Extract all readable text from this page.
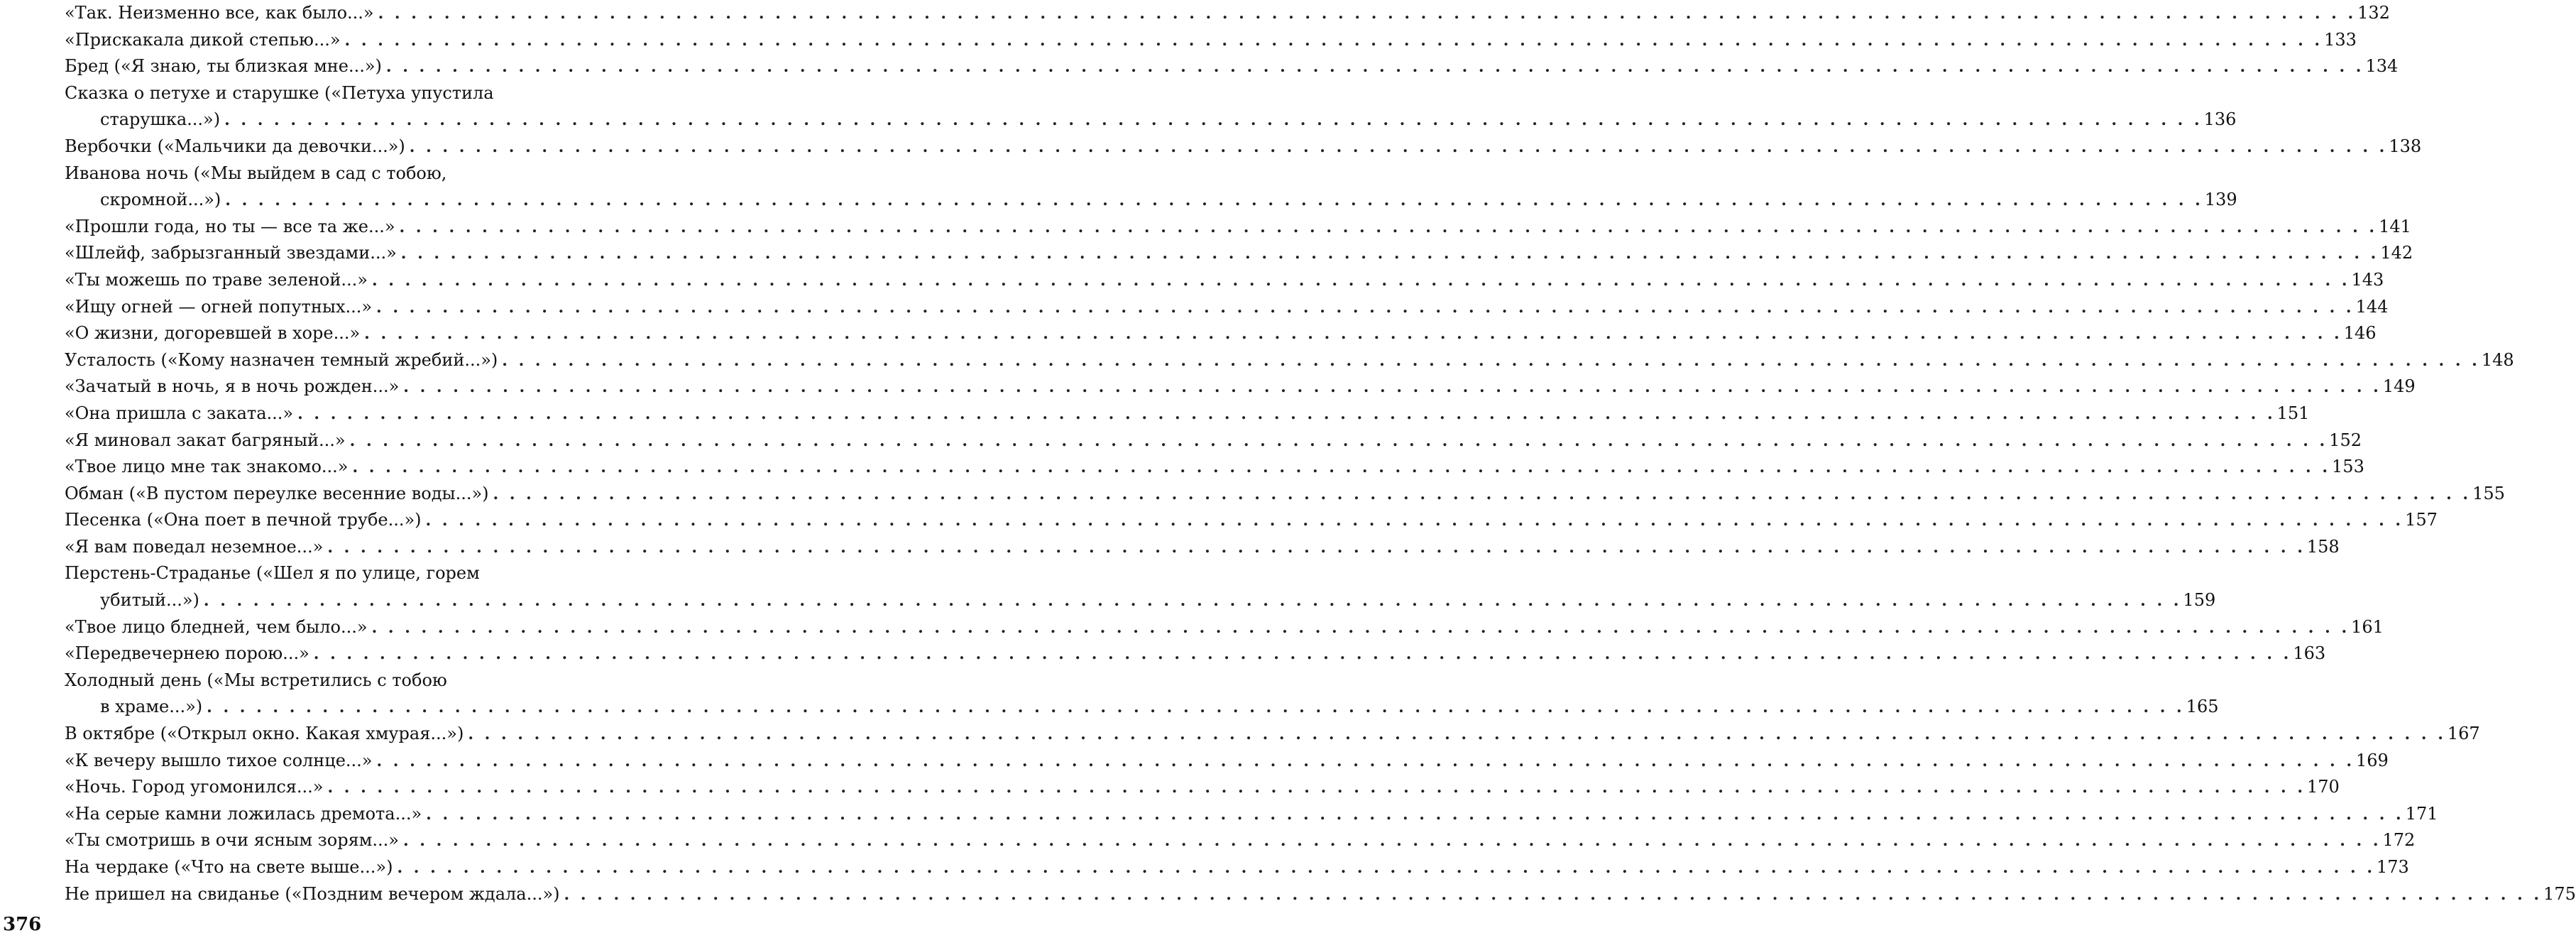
«Так. Неизменно все, как было...» . . . . . . . . . . . . . . . . . . . . . . . . . . . . . . . . . . . . . . . . . . . . . . . . . . . . . . . . . . . . . . . . . . . . . . . . . . . . . . . . . . . . . . . . . . . . . . . . . . . . . . . . . . . . . . . . . . . . . . . . 132
«Прискакала дикой степью...» . . . . . . . . . . . . . . . . . . . . . . . . . . . . . . . . . . . . . . . . . . . . . . . . . . . . . . . . . . . . . . . . . . . . . . . . . . . . . . . . . . . . . . . . . . . . . . . . . . . . . . . . . . . . . . . . . . . . . . . . 133
Бред («Я знаю, ты близкая мне...») . . . . . . . . . . . . . . . . . . . . . . . . . . . . . . . . . . . . . . . . . . . . . . . . . . . . . . . . . . . . . . . . . . . . . . . . . . . . . . . . . . . . . . . . . . . . . . . . . . . . . . . . . . . . . . . . . . . . . . . . 134
Сказка о петухе и старушке («Петуха упустила
старушка...») . . . . . . . . . . . . . . . . . . . . . . . . . . . . . . . . . . . . . . . . . . . . . . . . . . . . . . . . . . . . . . . . . . . . . . . . . . . . . . . . . . . . . . . . . . . . . . . . . . . . . . . . . . . . . . . . . . . . . . . . 136
Вербочки («Мальчики да девочки...») . . . . . . . . . . . . . . . . . . . . . . . . . . . . . . . . . . . . . . . . . . . . . . . . . . . . . . . . . . . . . . . . . . . . . . . . . . . . . . . . . . . . . . . . . . . . . . . . . . . . . . . . . . . . . . . . . . . . . . . . 138
Иванова ночь («Мы выйдем в сад с тобою,
скромной...») . . . . . . . . . . . . . . . . . . . . . . . . . . . . . . . . . . . . . . . . . . . . . . . . . . . . . . . . . . . . . . . . . . . . . . . . . . . . . . . . . . . . . . . . . . . . . . . . . . . . . . . . . . . . . . . . . . . . . . . . 139
«Прошли года, но ты — все та же...» . . . . . . . . . . . . . . . . . . . . . . . . . . . . . . . . . . . . . . . . . . . . . . . . . . . . . . . . . . . . . . . . . . . . . . . . . . . . . . . . . . . . . . . . . . . . . . . . . . . . . . . . . . . . . . . . . . . . . . . . 141
«Шлейф, забрызганный звездами...» . . . . . . . . . . . . . . . . . . . . . . . . . . . . . . . . . . . . . . . . . . . . . . . . . . . . . . . . . . . . . . . . . . . . . . . . . . . . . . . . . . . . . . . . . . . . . . . . . . . . . . . . . . . . . . . . . . . . . . . . 142
«Ты можешь по траве зеленой...» . . . . . . . . . . . . . . . . . . . . . . . . . . . . . . . . . . . . . . . . . . . . . . . . . . . . . . . . . . . . . . . . . . . . . . . . . . . . . . . . . . . . . . . . . . . . . . . . . . . . . . . . . . . . . . . . . . . . . . . . 143
«Ищу огней — огней попутных...» . . . . . . . . . . . . . . . . . . . . . . . . . . . . . . . . . . . . . . . . . . . . . . . . . . . . . . . . . . . . . . . . . . . . . . . . . . . . . . . . . . . . . . . . . . . . . . . . . . . . . . . . . . . . . . . . . . . . . . . . 144
«О жизни, догоревшей в хоре...» . . . . . . . . . . . . . . . . . . . . . . . . . . . . . . . . . . . . . . . . . . . . . . . . . . . . . . . . . . . . . . . . . . . . . . . . . . . . . . . . . . . . . . . . . . . . . . . . . . . . . . . . . . . . . . . . . . . . . . . . 146
Усталость («Кому назначен темный жребий...») . . . . . . . . . . . . . . . . . . . . . . . . . . . . . . . . . . . . . . . . . . . . . . . . . . . . . . . . . . . . . . . . . . . . . . . . . . . . . . . . . . . . . . . . . . . . . . . . . . . . . . . . . . . . . . . . . . . . . . . . 148
«Зачатый в ночь, я в ночь рожден...» . . . . . . . . . . . . . . . . . . . . . . . . . . . . . . . . . . . . . . . . . . . . . . . . . . . . . . . . . . . . . . . . . . . . . . . . . . . . . . . . . . . . . . . . . . . . . . . . . . . . . . . . . . . . . . . . . . . . . . . . 149
«Она пришла с заката...» . . . . . . . . . . . . . . . . . . . . . . . . . . . . . . . . . . . . . . . . . . . . . . . . . . . . . . . . . . . . . . . . . . . . . . . . . . . . . . . . . . . . . . . . . . . . . . . . . . . . . . . . . . . . . . . . . . . . . . . . 151
«Я миновал закат багряный...» . . . . . . . . . . . . . . . . . . . . . . . . . . . . . . . . . . . . . . . . . . . . . . . . . . . . . . . . . . . . . . . . . . . . . . . . . . . . . . . . . . . . . . . . . . . . . . . . . . . . . . . . . . . . . . . . . . . . . . . . 152
«Твое лицо мне так знакомо...» . . . . . . . . . . . . . . . . . . . . . . . . . . . . . . . . . . . . . . . . . . . . . . . . . . . . . . . . . . . . . . . . . . . . . . . . . . . . . . . . . . . . . . . . . . . . . . . . . . . . . . . . . . . . . . . . . . . . . . . . 153
Обман («В пустом переулке весенние воды...») . . . . . . . . . . . . . . . . . . . . . . . . . . . . . . . . . . . . . . . . . . . . . . . . . . . . . . . . . . . . . . . . . . . . . . . . . . . . . . . . . . . . . . . . . . . . . . . . . . . . . . . . . . . . . . . . . . . . . . . . 155
Песенка («Она поет в печной трубе...») . . . . . . . . . . . . . . . . . . . . . . . . . . . . . . . . . . . . . . . . . . . . . . . . . . . . . . . . . . . . . . . . . . . . . . . . . . . . . . . . . . . . . . . . . . . . . . . . . . . . . . . . . . . . . . . . . . . . . . . . 157
«Я вам поведал неземное...» . . . . . . . . . . . . . . . . . . . . . . . . . . . . . . . . . . . . . . . . . . . . . . . . . . . . . . . . . . . . . . . . . . . . . . . . . . . . . . . . . . . . . . . . . . . . . . . . . . . . . . . . . . . . . . . . . . . . . . . . 158
Перстень-Страданье («Шел я по улице, горем
убитый...») . . . . . . . . . . . . . . . . . . . . . . . . . . . . . . . . . . . . . . . . . . . . . . . . . . . . . . . . . . . . . . . . . . . . . . . . . . . . . . . . . . . . . . . . . . . . . . . . . . . . . . . . . . . . . . . . . . . . . . . . 159
«Твое лицо бледней, чем было...» . . . . . . . . . . . . . . . . . . . . . . . . . . . . . . . . . . . . . . . . . . . . . . . . . . . . . . . . . . . . . . . . . . . . . . . . . . . . . . . . . . . . . . . . . . . . . . . . . . . . . . . . . . . . . . . . . . . . . . . . 161
«Передвечернею порою...» . . . . . . . . . . . . . . . . . . . . . . . . . . . . . . . . . . . . . . . . . . . . . . . . . . . . . . . . . . . . . . . . . . . . . . . . . . . . . . . . . . . . . . . . . . . . . . . . . . . . . . . . . . . . . . . . . . . . . . . . 163
Холодный день («Мы встретились с тобою
в храме...») . . . . . . . . . . . . . . . . . . . . . . . . . . . . . . . . . . . . . . . . . . . . . . . . . . . . . . . . . . . . . . . . . . . . . . . . . . . . . . . . . . . . . . . . . . . . . . . . . . . . . . . . . . . . . . . . . . . . . . . . 165
В октябре («Открыл окно. Какая хмурая...») . . . . . . . . . . . . . . . . . . . . . . . . . . . . . . . . . . . . . . . . . . . . . . . . . . . . . . . . . . . . . . . . . . . . . . . . . . . . . . . . . . . . . . . . . . . . . . . . . . . . . . . . . . . . . . . . . . . . . . . . 167
«К вечеру вышло тихое солнце...» . . . . . . . . . . . . . . . . . . . . . . . . . . . . . . . . . . . . . . . . . . . . . . . . . . . . . . . . . . . . . . . . . . . . . . . . . . . . . . . . . . . . . . . . . . . . . . . . . . . . . . . . . . . . . . . . . . . . . . . . 169
«Ночь. Город угомонился...» . . . . . . . . . . . . . . . . . . . . . . . . . . . . . . . . . . . . . . . . . . . . . . . . . . . . . . . . . . . . . . . . . . . . . . . . . . . . . . . . . . . . . . . . . . . . . . . . . . . . . . . . . . . . . . . . . . . . . . . . 170
«На серые камни ложилась дремота...» . . . . . . . . . . . . . . . . . . . . . . . . . . . . . . . . . . . . . . . . . . . . . . . . . . . . . . . . . . . . . . . . . . . . . . . . . . . . . . . . . . . . . . . . . . . . . . . . . . . . . . . . . . . . . . . . . . . . . . . . 171
«Ты смотришь в очи ясным зорям...» . . . . . . . . . . . . . . . . . . . . . . . . . . . . . . . . . . . . . . . . . . . . . . . . . . . . . . . . . . . . . . . . . . . . . . . . . . . . . . . . . . . . . . . . . . . . . . . . . . . . . . . . . . . . . . . . . . . . . . . . 172
На чердаке («Что на свете выше...») . . . . . . . . . . . . . . . . . . . . . . . . . . . . . . . . . . . . . . . . . . . . . . . . . . . . . . . . . . . . . . . . . . . . . . . . . . . . . . . . . . . . . . . . . . . . . . . . . . . . . . . . . . . . . . . . . . . . . . . . 173
Не пришел на свиданье («Поздним вечером ждала...») . . . . . . . . . . . . . . . . . . . . . . . . . . . . . . . . . . . . . . . . . . . . . . . . . . . . . . . . . . . . . . . . . . . . . . . . . . . . . . . . . . . . . . . . . . . . . . . . . . . . . . . . . . . . . . . . . . . . . . . . 175
376
